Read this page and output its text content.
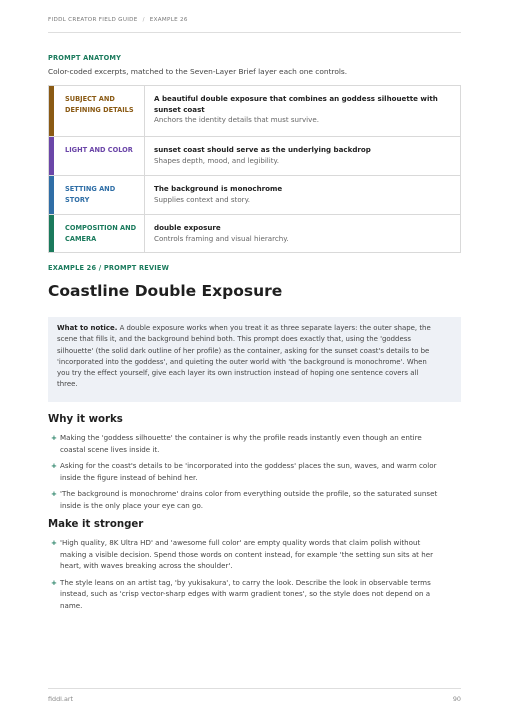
FIDDL CREATOR FIELD GUIDE / EXAMPLE 26
PROMPT ANATOMY
Color-coded excerpts, matched to the Seven-Layer Brief layer each one controls.
SUBJECT AND
DEFINING DETAILS
A beautiful double exposure that combines an goddess silhouette with
sunset coast
Anchors the identity details that must survive.
LIGHT AND COLOR	sunset coast should serve as the underlying backdrop
Shapes depth, mood, and legibility.
SETTING AND
STORY
The background is monochrome
Supplies context and story.
COMPOSITION AND
CAMERA
double exposure
Controls framing and visual hierarchy.
EXAMPLE 26 / PROMPT REVIEW
Coastline Double Exposure
What to notice. A double exposure works when you treat it as three separate layers: the outer shape, the
scene that fills it, and the background behind both. This prompt does exactly that, using the 'goddess
silhouette' (the solid dark outline of her profile) as the container, asking for the sunset coast's details to be
'incorporated into the goddess', and quieting the outer world with 'the background is monochrome'. When
you try the effect yourself, give each layer its own instruction instead of hoping one sentence covers all
three.
Why it works
+ Making the 'goddess silhouette' the container is why the profile reads instantly even though an entire
coastal scene lives inside it.
+ Asking for the coast's details to be 'incorporated into the goddess' places the sun, waves, and warm color
inside the figure instead of behind her.
+ 'The background is monochrome' drains color from everything outside the profile, so the saturated sunset
inside is the only place your eye can go.
Make it stronger
+ 'High quality, 8K Ultra HD' and 'awesome full color' are empty quality words that claim polish without
making a visible decision. Spend those words on content instead, for example 'the setting sun sits at her
heart, with waves breaking across the shoulder'.
+ The style leans on an artist tag, 'by yukisakura', to carry the look. Describe the look in observable terms
instead, such as 'crisp vector-sharp edges with warm gradient tones', so the style does not depend on a
name.
fiddl.art	90
